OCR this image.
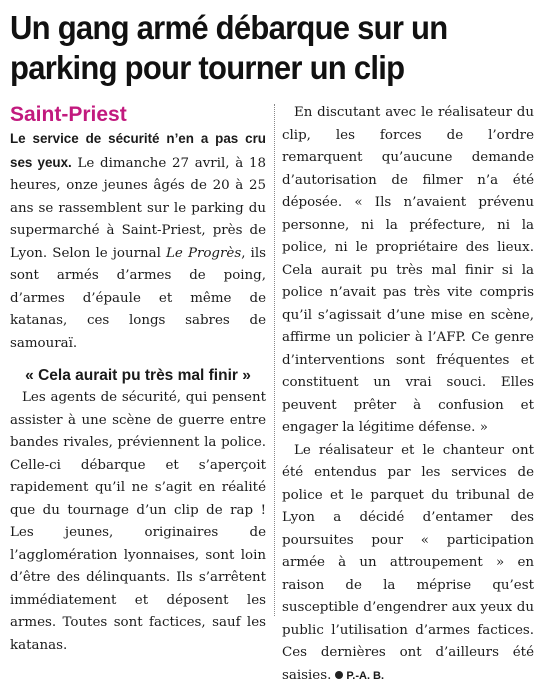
Un gang armé débarque sur un parking pour tourner un clip
Saint-Priest

Le service de sécurité n’en a pas cru ses yeux. Le dimanche 27 avril, à 18 heures, onze jeunes âgés de 20 à 25 ans se rassemblent sur le parking du supermarché à Saint-Priest, près de Lyon. Selon le journal Le Progrès, ils sont armés d’armes de poing, d’armes d’épaule et même de katanas, ces longs sabres de samouraï.

« Cela aurait pu très mal finir »

Les agents de sécurité, qui pensent assister à une scène de guerre entre bandes rivales, préviennent la police. Celle-ci débarque et s’aperçoit rapidement qu’il ne s’agit en réalité que du tournage d’un clip de rap ! Les jeunes, originaires de l’agglomération lyonnaises, sont loin d’être des délinquants. Ils s’arrêtent immédiatement et déposent les armes. Toutes sont factices, sauf les katanas.

En discutant avec le réalisateur du clip, les forces de l’ordre remarquent qu’aucune demande d’autorisation de filmer n’a été déposée. « Ils n’avaient prévenu personne, ni la préfecture, ni la police, ni le propriétaire des lieux. Cela aurait pu très mal finir si la police n’avait pas très vite compris qu’il s’agissait d’une mise en scène, affirme un policier à l’AFP. Ce genre d’interventions sont fréquentes et constituent un vrai souci. Elles peuvent prêter à confusion et engager la légitime défense. »

Le réalisateur et le chanteur ont été entendus par les services de police et le parquet du tribunal de Lyon a décidé d’entamer des poursuites pour « participation armée à un attroupement » en raison de la méprise qu’est susceptible d’engendrer aux yeux du public l’utilisation d’armes factices. Ces dernières ont d’ailleurs été saisies. P.-A. B.
